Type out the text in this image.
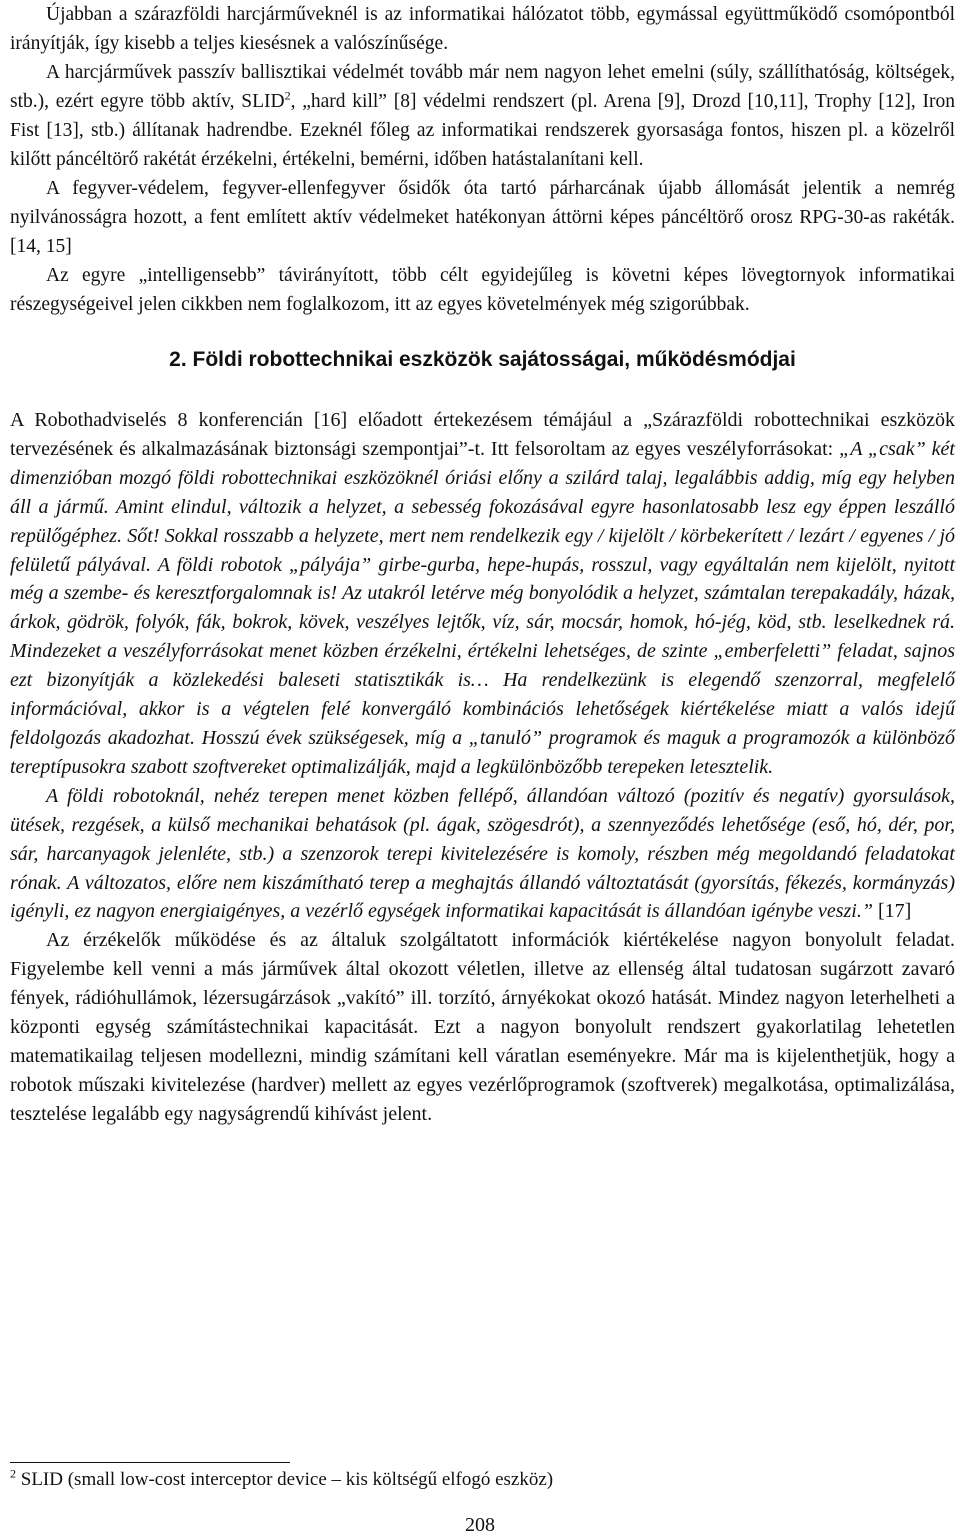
Újabban a szárazföldi harcjárműveknél is az informatikai hálózatot több, egymással együttműködő csomópontból irányítják, így kisebb a teljes kiesésnek a valószínűsége.

A harcjárművek passzív ballisztikai védelmét tovább már nem nagyon lehet emelni (súly, szállíthatóság, költségek, stb.), ezért egyre több aktív, SLID$^2$, „hard kill” [8] védelmi rendszert (pl. Arena [9], Drozd [10,11], Trophy [12], Iron Fist [13], stb.) állítanak hadrendbe. Ezeknél főleg az informatikai rendszerek gyorsasága fontos, hiszen pl. a közelről kilőtt páncéltörő rakétát érzékelni, értékelni, bemérni, időben hatástalanítani kell.

A fegyver-védelem, fegyver-ellenfegyver ősidők óta tartó párharcának újabb állomását jelentik a nemrég nyilvánosságra hozott, a fent említett aktív védelmeket hatékonyan áttörni képes páncéltörő orosz RPG-30-as rakéták. [14, 15]

Az egyre „intelligensebb” távirányított, több célt egyidejűleg is követni képes lövegtornyok informatikai részegységeivel jelen cikkben nem foglalkozom, itt az egyes követelmények még szigorúbbak.

2. Földi robottechnikai eszközök sajátosságai, működésmódjai

A Robothadviselés 8 konferencián [16] előadott értekezésem témájául a „Szárazföldi robottechnikai eszközök tervezésének és alkalmazásának biztonsági szempontjai”-t. Itt felsoroltam az egyes veszélyforrásokat: „A „csak” két dimenzióban mozgó földi robottechnikai eszközöknél óriási előny a szilárd talaj, legalábbis addig, míg egy helyben áll a jármű. Amint elindul, változik a helyzet, a sebesség fokozásával egyre hasonlatosabb lesz egy éppen leszálló repülőgéphez. Sőt! Sokkal rosszabb a helyzete, mert nem rendelkezik egy / kijelölt / körbekerített / lezárt / egyenes / jó felületű pályával. A földi robotok „pályája” girbe-gurba, hepe-hupás, rosszul, vagy egyáltalán nem kijelölt, nyitott még a szembe- és keresztforgalomnak is! Az utakról letérve még bonyolódik a helyzet, számtalan terepakadály, házak, árkok, gödrök, folyók, fák, bokrok, kövek, veszélyes lejtők, víz, sár, mocsár, homok, hó-jég, köd, stb. leselkednek rá. Mindezeket a veszélyforrásokat menet közben érzékelni, értékelni lehetséges, de szinte „emberfeletti” feladat, sajnos ezt bizonyítják a közlekedési baleseti statisztikák is… Ha rendelkezünk is elegendő szenzorral, megfelelő információval, akkor is a végtelen felé konvergáló kombinációs lehetőségek kiértékelése miatt a valós idejű feldolgozás akadozhat. Hosszú évek szükségesek, míg a „tanuló” programok és maguk a programozók a különböző tereptípusokra szabott szoftvereket optimalizálják, majd a legkülönbözőbb terepeken letesztelik.

A földi robotoknál, nehéz terepen menet közben fellépő, állandóan változó (pozitív és negatív) gyorsulások, ütések, rezgések, a külső mechanikai behatások (pl. ágak, szögesdrót), a szennyeződés lehetősége (eső, hó, dér, por, sár, harcanyagok jelenléte, stb.) a szenzorok terepi kivitelezésére is komoly, részben még megoldandó feladatokat rónak. A változatos, előre nem kiszámítható terep a meghajtás állandó változtatását (gyorsítás, fékezés, kormányzás) igényli, ez nagyon energiaigényes, a vezérlő egységek informatikai kapacitását is állandóan igénybe veszi.” [17]

Az érzékelők működése és az általuk szolgáltatott információk kiértékelése nagyon bonyolult feladat. Figyelembe kell venni a más járművek által okozott véletlen, illetve az ellenség által tudatosan sugárzott zavaró fények, rádióhullámok, lézersugárzások „vakító” ill. torzító, árnyékokat okozó hatását. Mindez nagyon leterhelheti a központi egység számítástechnikai kapacitását. Ezt a nagyon bonyolult rendszert gyakorlatilag lehetetlen matematikailag teljesen modellezni, mindig számítani kell váratlan eseményekre. Már ma is kijelenthetjük, hogy a robotok műszaki kivitelezése (hardver) mellett az egyes vezérlőprogramok (szoftverek) megalkotása, optimalizálása, tesztelése legalább egy nagyságrendű kihívást jelent.

$^2$ SLID (small low-cost interceptor device – kis költségű elfogó eszköz)
208
